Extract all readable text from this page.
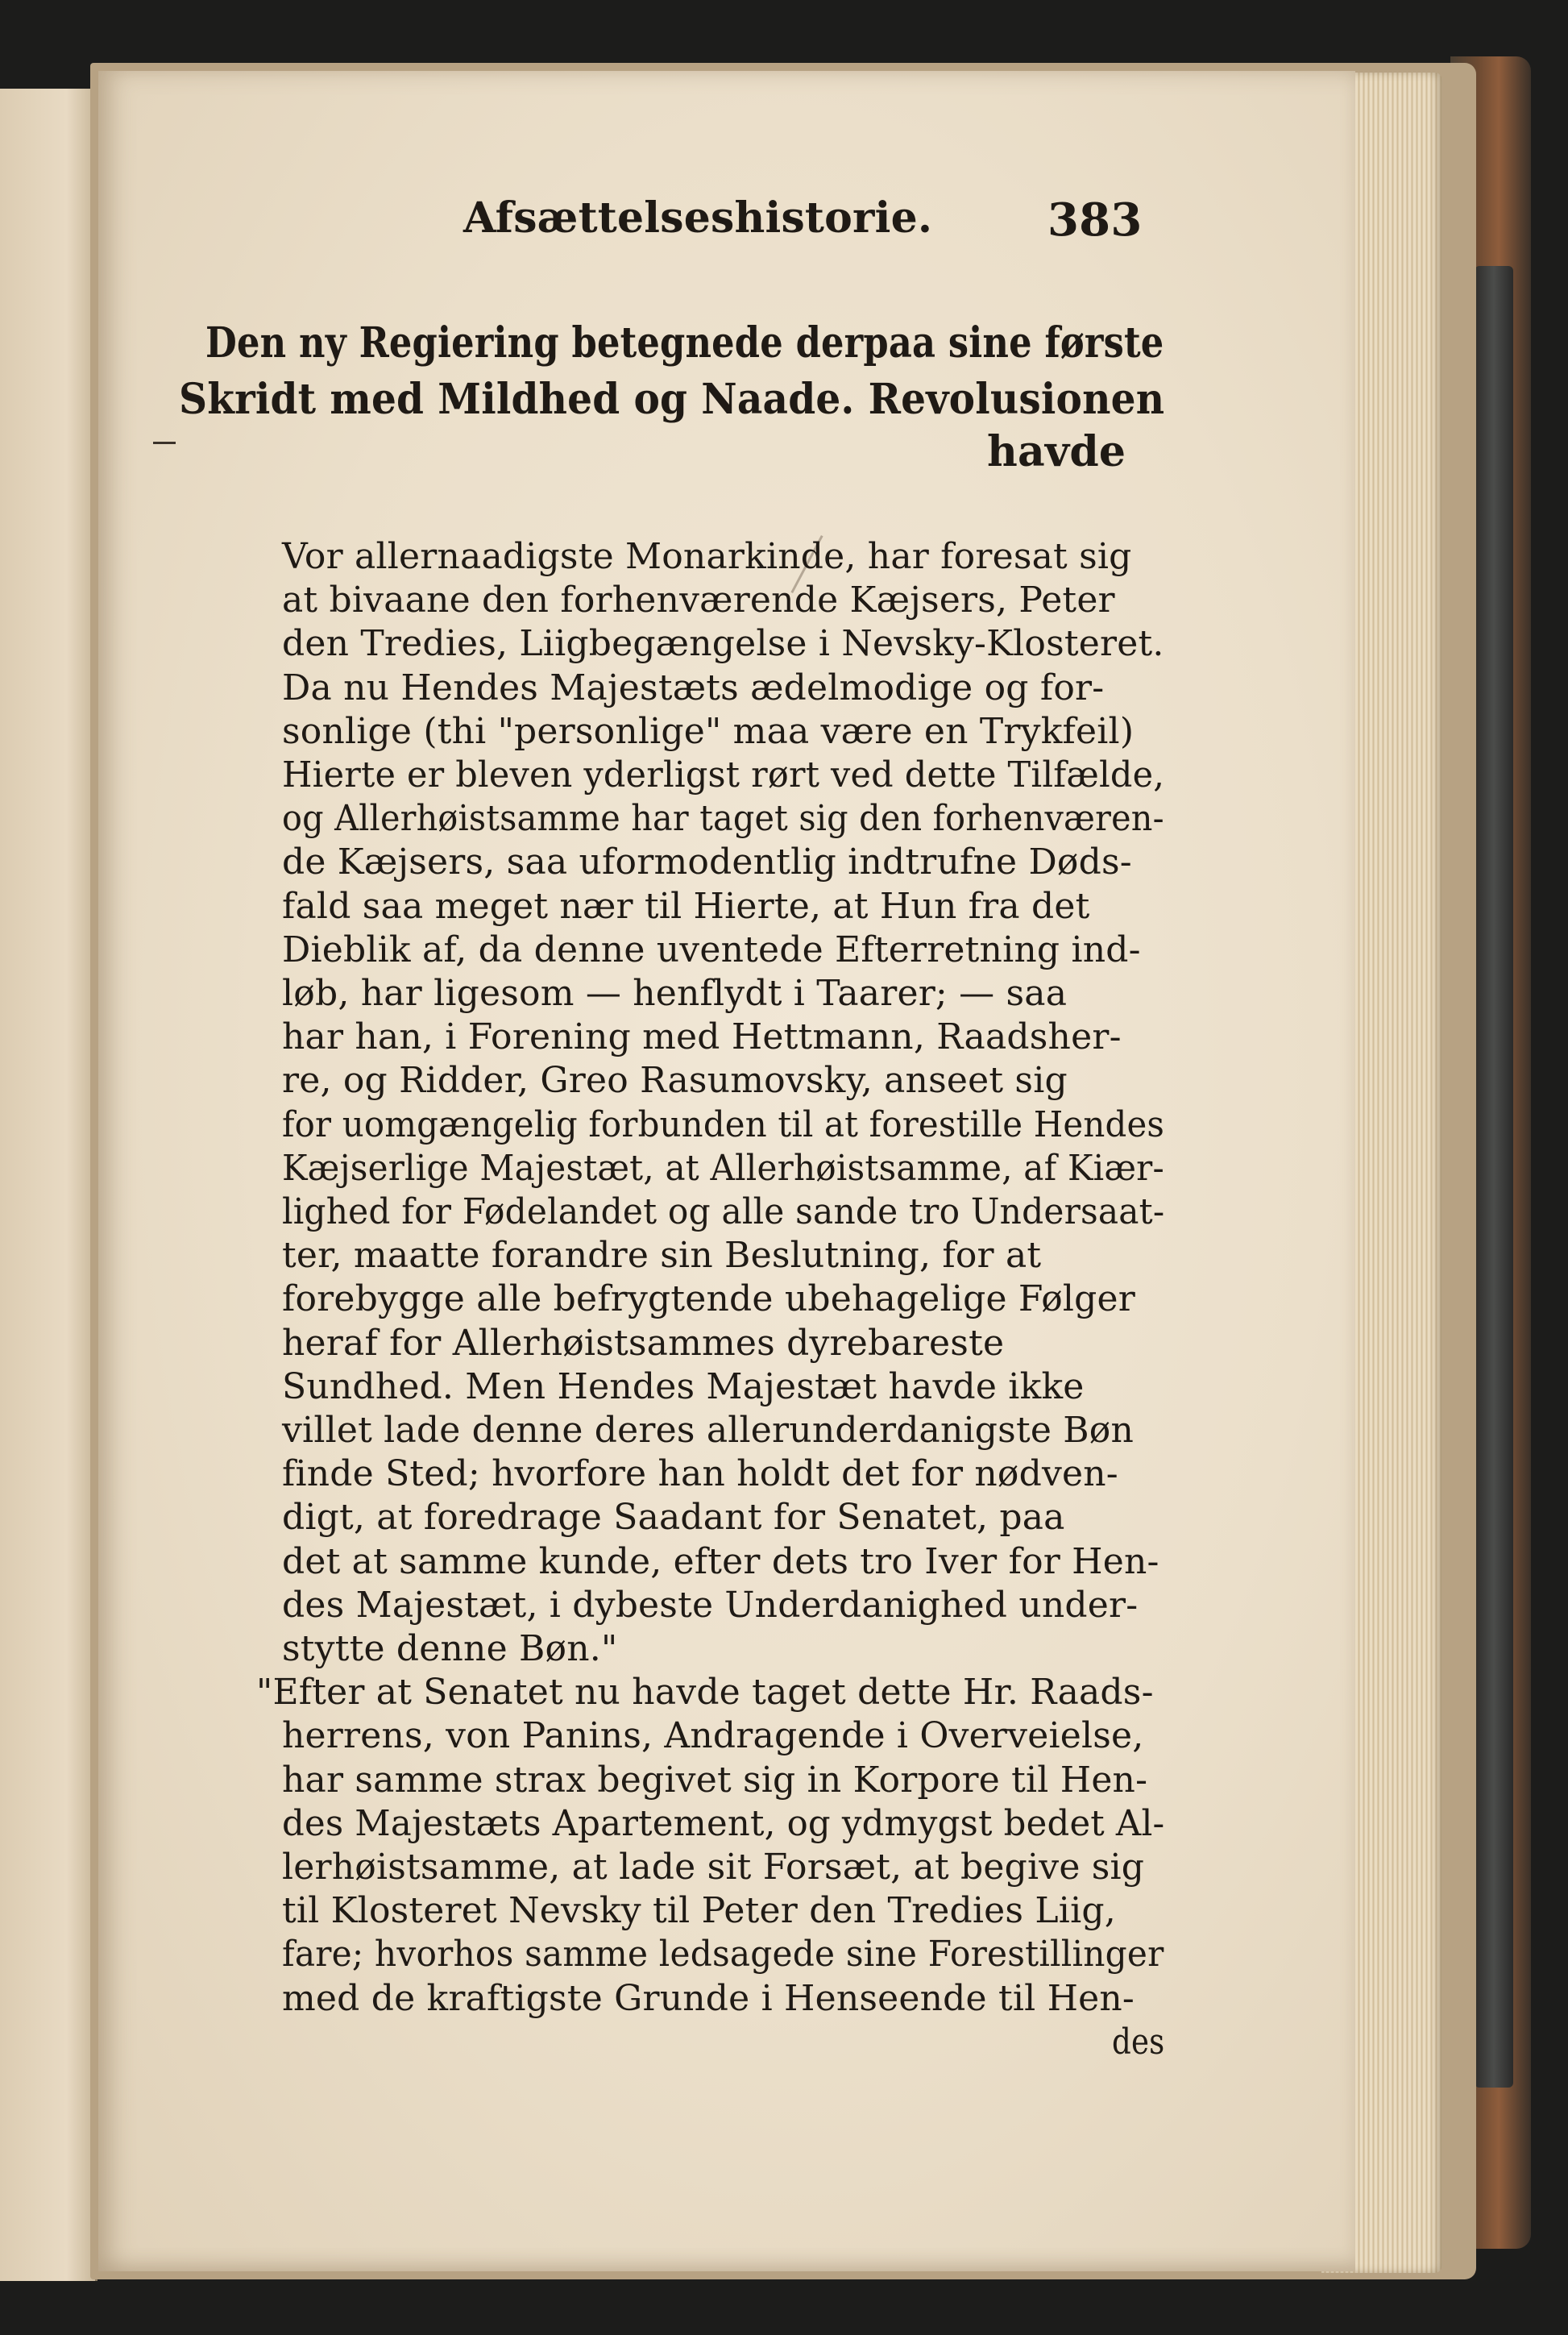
Afsættelseshistorie.	383
Den ny Regiering betegnede derpaa sine første
Skridt med Mildhed og Naade. Revolusionen
havde
Vor allernaadigste Monarkinde, har foresat sig
at bivaane den forhenværende Kæjsers, Peter
den Tredies, Liigbegængelse i Nevsky-Klosteret.
Da nu Hendes Majestæts ædelmodige og for-
sonlige (thi "personlige" maa være en Trykfeil)
Hierte er bleven yderligst rørt ved dette Tilfælde,
og Allerhøistsamme har taget sig den forhenværen-
de Kæjsers, saa uformodentlig indtrufne Døds-
fald saa meget nær til Hierte, at Hun fra det
Dieblik af, da denne uventede Efterretning ind-
løb, har ligesom — henflydt i Taarer; — saa
har han, i Forening med Hettmann, Raadsher-
re, og Ridder, Greo Rasumovsky, anseet sig
for uomgængelig forbunden til at forestille Hendes
Kæjserlige Majestæt, at Allerhøistsamme, af Kiær-
lighed for Fødelandet og alle sande tro Undersaat-
ter, maatte forandre sin Beslutning, for at
forebygge alle befrygtende ubehagelige Følger
heraf for Allerhøistsammes dyrebareste
Sundhed. Men Hendes Majestæt havde ikke
villet lade denne deres allerunderdanigste Bøn
finde Sted; hvorfore han holdt det for nødven-
digt, at foredrage Saadant for Senatet, paa
det at samme kunde, efter dets tro Iver for Hen-
des Majestæt, i dybeste Underdanighed under-
stytte denne Bøn."
"Efter at Senatet nu havde taget dette Hr. Raads-
herrens, von Panins, Andragende i Overveielse,
har samme strax begivet sig in Korpore til Hen-
des Majestæts Apartement, og ydmygst bedet Al-
lerhøistsamme, at lade sit Forsæt, at begive sig
til Klosteret Nevsky til Peter den Tredies Liig,
fare; hvorhos samme ledsagede sine Forestillinger
med de kraftigste Grunde i Henseende til Hen-
des
